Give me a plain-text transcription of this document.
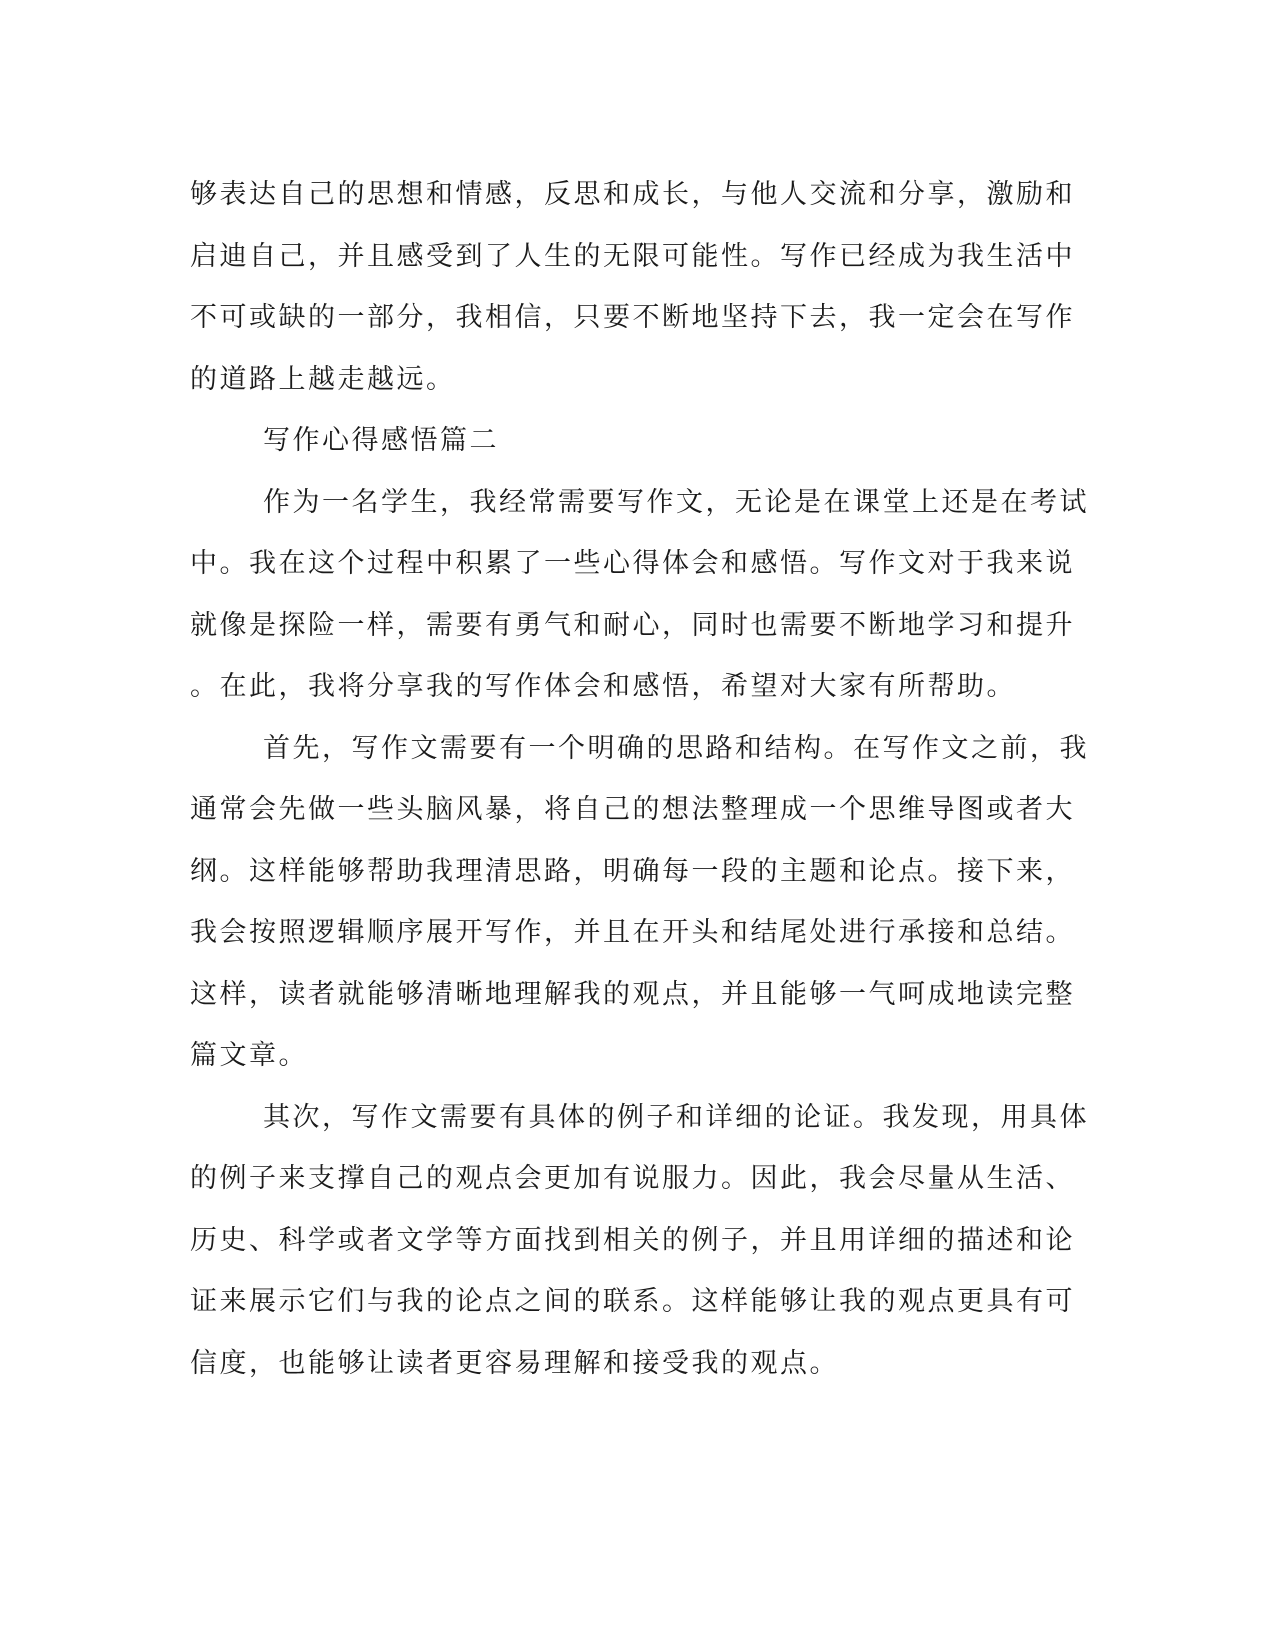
够表达自己的思想和情感，反思和成长，与他人交流和分享，激励和
启迪自己，并且感受到了人生的无限可能性。写作已经成为我生活中
不可或缺的一部分，我相信，只要不断地坚持下去，我一定会在写作
的道路上越走越远。
写作心得感悟篇二
作为一名学生，我经常需要写作文，无论是在课堂上还是在考试
中。我在这个过程中积累了一些心得体会和感悟。写作文对于我来说
就像是探险一样，需要有勇气和耐心，同时也需要不断地学习和提升
。在此，我将分享我的写作体会和感悟，希望对大家有所帮助。
首先，写作文需要有一个明确的思路和结构。在写作文之前，我
通常会先做一些头脑风暴，将自己的想法整理成一个思维导图或者大
纲。这样能够帮助我理清思路，明确每一段的主题和论点。接下来，
我会按照逻辑顺序展开写作，并且在开头和结尾处进行承接和总结。
这样，读者就能够清晰地理解我的观点，并且能够一气呵成地读完整
篇文章。
其次，写作文需要有具体的例子和详细的论证。我发现，用具体
的例子来支撑自己的观点会更加有说服力。因此，我会尽量从生活、
历史、科学或者文学等方面找到相关的例子，并且用详细的描述和论
证来展示它们与我的论点之间的联系。这样能够让我的观点更具有可
信度，也能够让读者更容易理解和接受我的观点。
